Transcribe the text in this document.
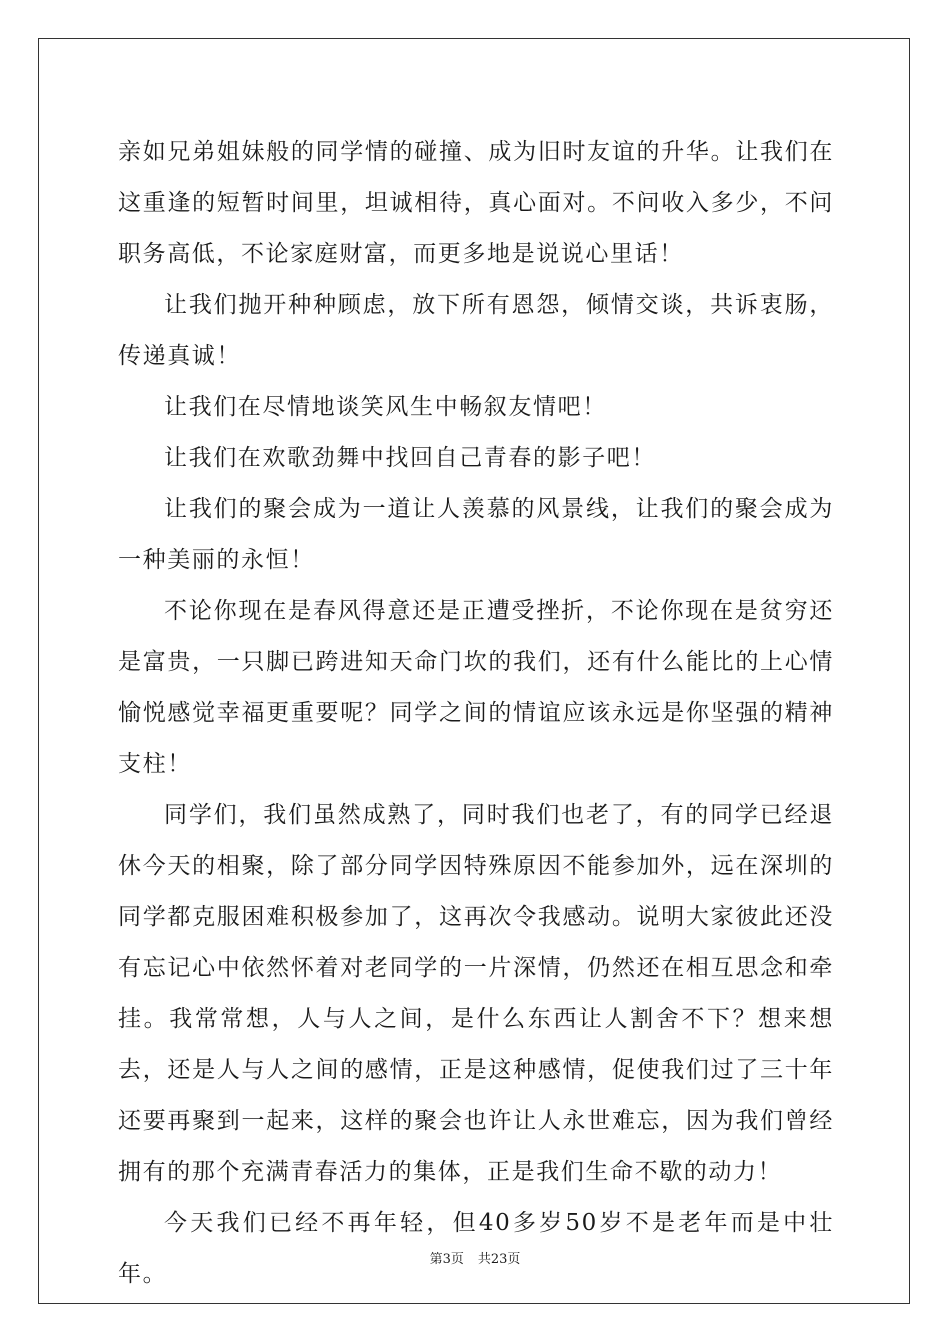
亲如兄弟姐妹般的同学情的碰撞、成为旧时友谊的升华。让我们在这重逢的短暂时间里，坦诚相待，真心面对。不问收入多少，不问职务高低，不论家庭财富，而更多地是说说心里话！

让我们抛开种种顾虑，放下所有恩怨，倾情交谈，共诉衷肠，传递真诚！

让我们在尽情地谈笑风生中畅叙友情吧！

让我们在欢歌劲舞中找回自己青春的影子吧！

让我们的聚会成为一道让人羡慕的风景线，让我们的聚会成为一种美丽的永恒！

不论你现在是春风得意还是正遭受挫折，不论你现在是贫穷还是富贵，一只脚已跨进知天命门坎的我们，还有什么能比的上心情愉悦感觉幸福更重要呢？同学之间的情谊应该永远是你坚强的精神支柱！

同学们，我们虽然成熟了，同时我们也老了，有的同学已经退休今天的相聚，除了部分同学因特殊原因不能参加外，远在深圳的同学都克服困难积极参加了，这再次令我感动。说明大家彼此还没有忘记心中依然怀着对老同学的一片深情，仍然还在相互思念和牵挂。我常常想，人与人之间，是什么东西让人割舍不下？想来想去，还是人与人之间的感情，正是这种感情，促使我们过了三十年还要再聚到一起来，这样的聚会也许让人永世难忘，因为我们曾经拥有的那个充满青春活力的集体，正是我们生命不歇的动力！

今天我们已经不再年轻，但40多岁50岁不是老年而是中壮年。

第3页 共23页
